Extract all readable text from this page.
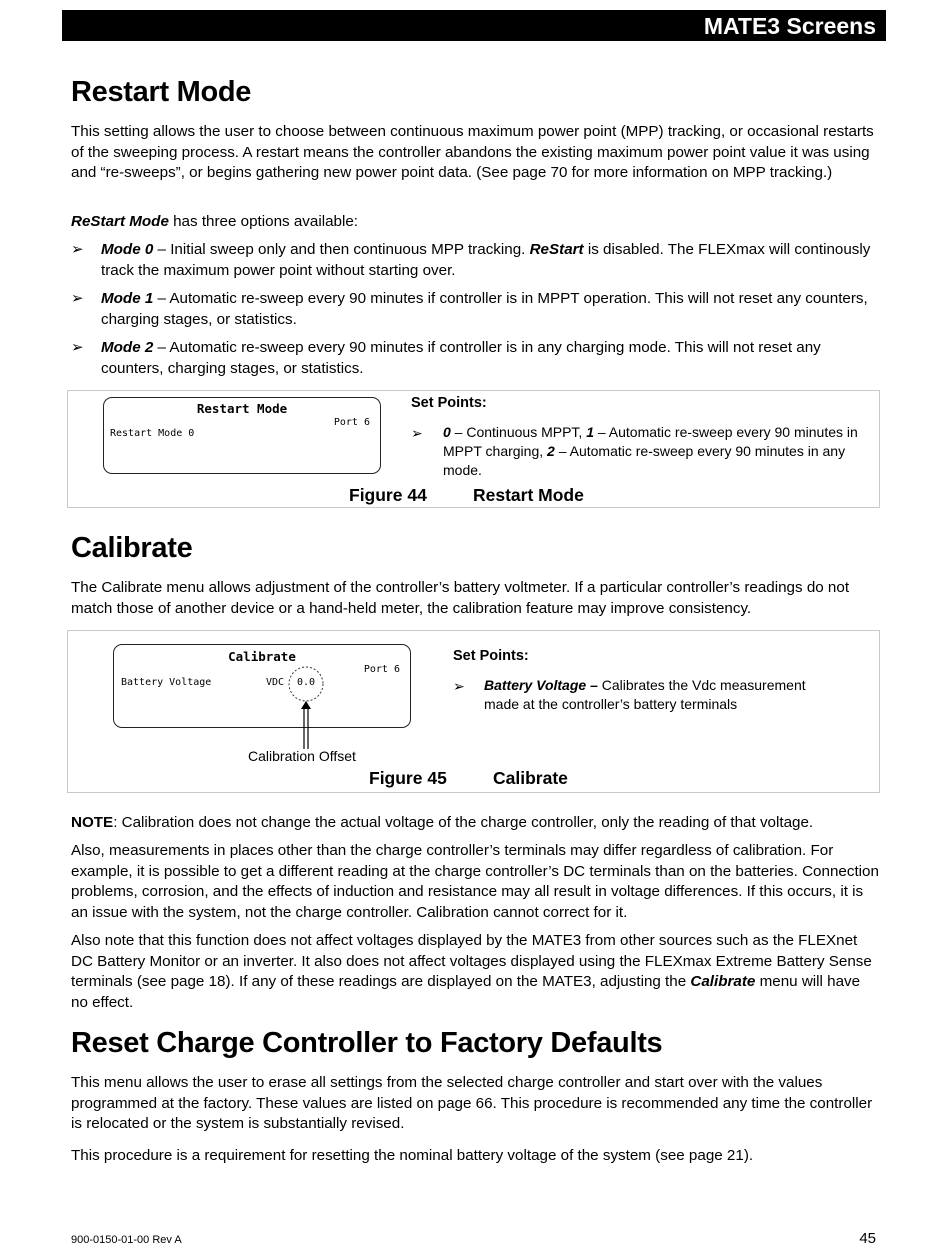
MATE3 Screens
Restart Mode

This setting allows the user to choose between continuous maximum power point (MPP) tracking, or occasional restarts of the sweeping process. A restart means the controller abandons the existing maximum power point value it was using and “re-sweeps”, or begins gathering new power point data. (See page 70 for more information on MPP tracking.)

ReStart Mode has three options available:

➢ Mode 0 – Initial sweep only and then continuous MPP tracking. ReStart is disabled. The FLEXmax will continously track the maximum power point without starting over.
➢ Mode 1 – Automatic re-sweep every 90 minutes if controller is in MPPT operation. This will not reset any counters, charging stages, or statistics.
➢ Mode 2 – Automatic re-sweep every 90 minutes if controller is in any charging mode. This will not reset any counters, charging stages, or statistics.
Restart Mode
Port 6
Restart Mode 0
Set Points:
➢ 0 – Continuous MPPT, 1 – Automatic re-sweep every 90 minutes in MPPT charging, 2 – Automatic re-sweep every 90 minutes in any mode.
Figure 44	Restart Mode
Calibrate

The Calibrate menu allows adjustment of the controller’s battery voltmeter. If a particular controller’s readings do not match those of another device or a hand-held meter, the calibration feature may improve consistency.

Calibrate
Port 6
Battery Voltage	VDC 0.0
Calibration Offset
Set Points:
➢ Battery Voltage – Calibrates the Vdc measurement made at the controller’s battery terminals
Figure 45	Calibrate

NOTE: Calibration does not change the actual voltage of the charge controller, only the reading of that voltage.

Also, measurements in places other than the charge controller’s terminals may differ regardless of calibration. For example, it is possible to get a different reading at the charge controller’s DC terminals than on the batteries. Connection problems, corrosion, and the effects of induction and resistance may all result in voltage differences. If this occurs, it is an issue with the system, not the charge controller. Calibration cannot correct for it.

Also note that this function does not affect voltages displayed by the MATE3 from other sources such as the FLEXnet DC Battery Monitor or an inverter. It also does not affect voltages displayed using the FLEXmax Extreme Battery Sense terminals (see page 18). If any of these readings are displayed on the MATE3, adjusting the Calibrate menu will have no effect.

Reset Charge Controller to Factory Defaults

This menu allows the user to erase all settings from the selected charge controller and start over with the values programmed at the factory. These values are listed on page 66. This procedure is recommended any time the controller is relocated or the system is substantially revised.

This procedure is a requirement for resetting the nominal battery voltage of the system (see page 21).

900-0150-01-00 Rev A	45
